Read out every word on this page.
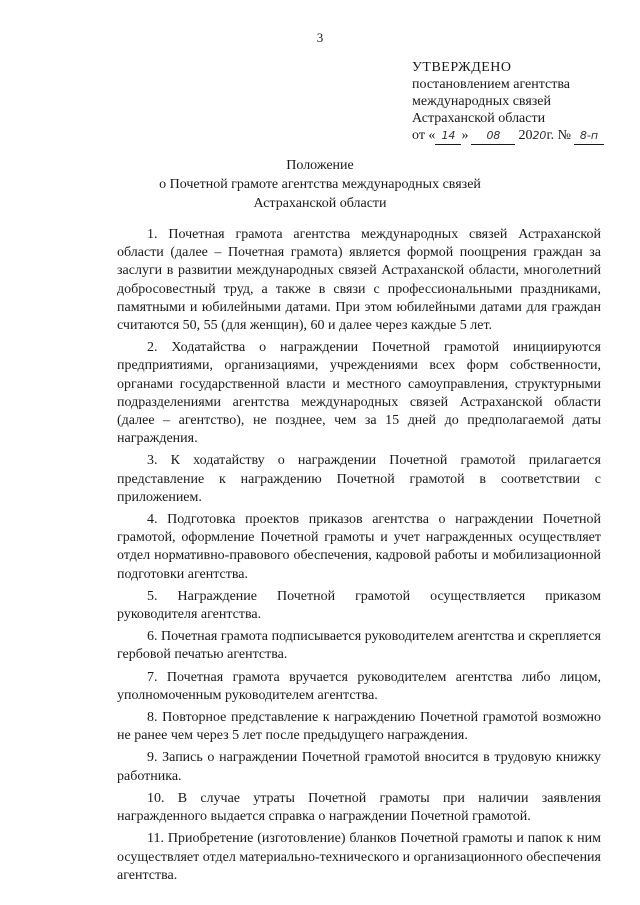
3
УТВЕРЖДЕНО
постановлением агентства
международных связей
Астраханской области
от « 14 » 08 2020г. № 8-п
Положение
о Почетной грамоте агентства международных связей
Астраханской области

1. Почетная грамота агентства международных связей Астраханской области (далее – Почетная грамота) является формой поощрения граждан за заслуги в развитии международных связей Астраханской области, многолетний добросовестный труд, а также в связи с профессиональными праздниками, памятными и юбилейными датами. При этом юбилейными датами для граждан считаются 50, 55 (для женщин), 60 и далее через каждые 5 лет.

2. Ходатайства о награждении Почетной грамотой инициируются предприятиями, организациями, учреждениями всех форм собственности, органами государственной власти и местного самоуправления, структурными подразделениями агентства международных связей Астраханской области (далее – агентство), не позднее, чем за 15 дней до предполагаемой даты награждения.

3. К ходатайству о награждении Почетной грамотой прилагается представление к награждению Почетной грамотой в соответствии с приложением.

4. Подготовка проектов приказов агентства о награждении Почетной грамотой, оформление Почетной грамоты и учет награжденных осуществляет отдел нормативно-правового обеспечения, кадровой работы и мобилизационной подготовки агентства.

5. Награждение Почетной грамотой осуществляется приказом руководителя агентства.

6. Почетная грамота подписывается руководителем агентства и скрепляется гербовой печатью агентства.

7. Почетная грамота вручается руководителем агентства либо лицом, уполномоченным руководителем агентства.

8. Повторное представление к награждению Почетной грамотой возможно не ранее чем через 5 лет после предыдущего награждения.

9. Запись о награждении Почетной грамотой вносится в трудовую книжку работника.

10. В случае утраты Почетной грамоты при наличии заявления награжденного выдается справка о награждении Почетной грамотой.

11. Приобретение (изготовление) бланков Почетной грамоты и папок к ним осуществляет отдел материально-технического и организационного обеспечения агентства.
